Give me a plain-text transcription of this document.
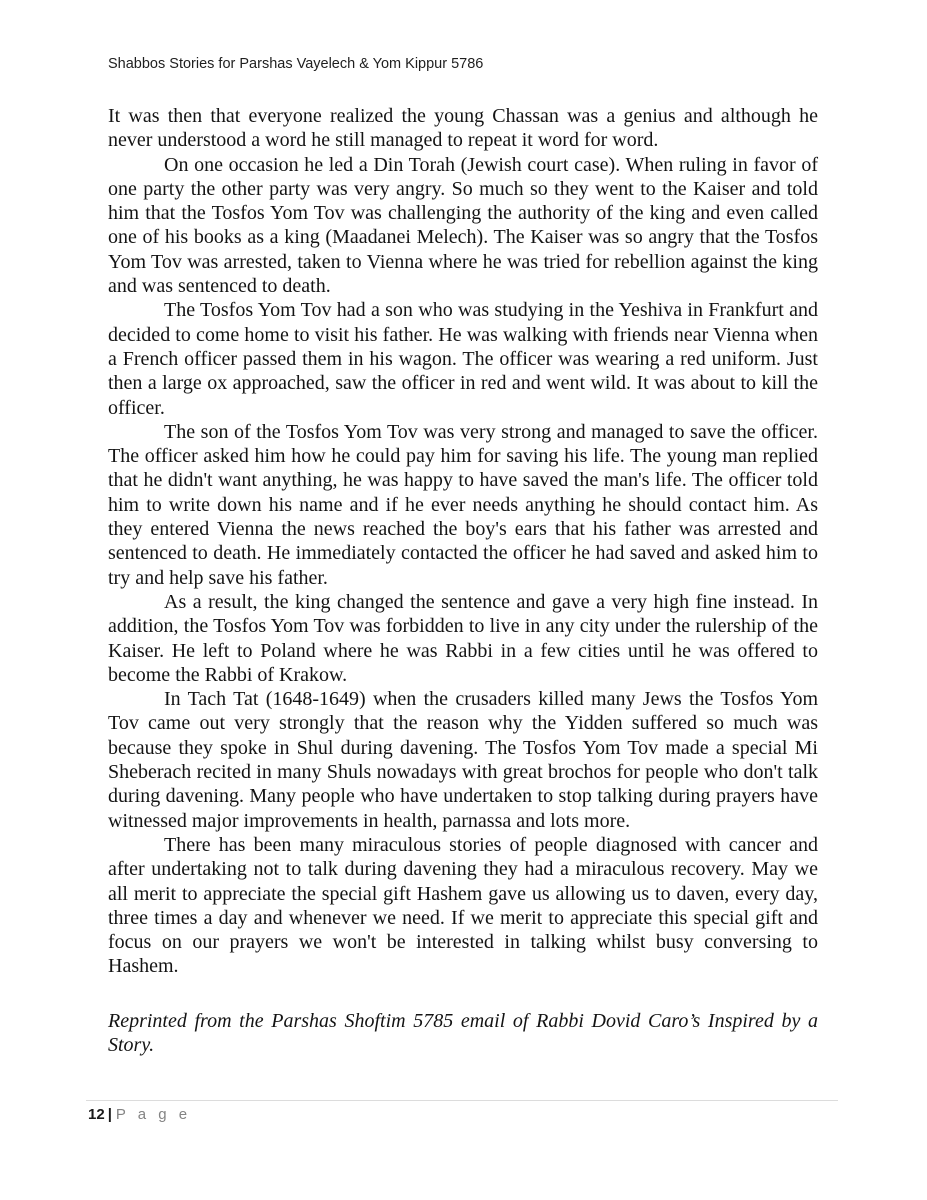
Shabbos Stories for Parshas Vayelech & Yom Kippur 5786

It was then that everyone realized the young Chassan was a genius and although he never understood a word he still managed to repeat it word for word.

On one occasion he led a Din Torah (Jewish court case). When ruling in favor of one party the other party was very angry. So much so they went to the Kaiser and told him that the Tosfos Yom Tov was challenging the authority of the king and even called one of his books as a king (Maadanei Melech). The Kaiser was so angry that the Tosfos Yom Tov was arrested, taken to Vienna where he was tried for rebellion against the king and was sentenced to death.

The Tosfos Yom Tov had a son who was studying in the Yeshiva in Frankfurt and decided to come home to visit his father. He was walking with friends near Vienna when a French officer passed them in his wagon. The officer was wearing a red uniform. Just then a large ox approached, saw the officer in red and went wild. It was about to kill the officer.

The son of the Tosfos Yom Tov was very strong and managed to save the officer. The officer asked him how he could pay him for saving his life. The young man replied that he didn't want anything, he was happy to have saved the man's life. The officer told him to write down his name and if he ever needs anything he should contact him. As they entered Vienna the news reached the boy's ears that his father was arrested and sentenced to death. He immediately contacted the officer he had saved and asked him to try and help save his father.

As a result, the king changed the sentence and gave a very high fine instead. In addition, the Tosfos Yom Tov was forbidden to live in any city under the rulership of the Kaiser. He left to Poland where he was Rabbi in a few cities until he was offered to become the Rabbi of Krakow.

In Tach Tat (1648-1649) when the crusaders killed many Jews the Tosfos Yom Tov came out very strongly that the reason why the Yidden suffered so much was because they spoke in Shul during davening. The Tosfos Yom Tov made a special Mi Sheberach recited in many Shuls nowadays with great brochos for people who don't talk during davening. Many people who have undertaken to stop talking during prayers have witnessed major improvements in health, parnassa and lots more.

There has been many miraculous stories of people diagnosed with cancer and after undertaking not to talk during davening they had a miraculous recovery. May we all merit to appreciate the special gift Hashem gave us allowing us to daven, every day, three times a day and whenever we need. If we merit to appreciate this special gift and focus on our prayers we won't be interested in talking whilst busy conversing to Hashem.

Reprinted from the Parshas Shoftim 5785 email of Rabbi Dovid Caro’s Inspired by a Story.

12 | P a g e
